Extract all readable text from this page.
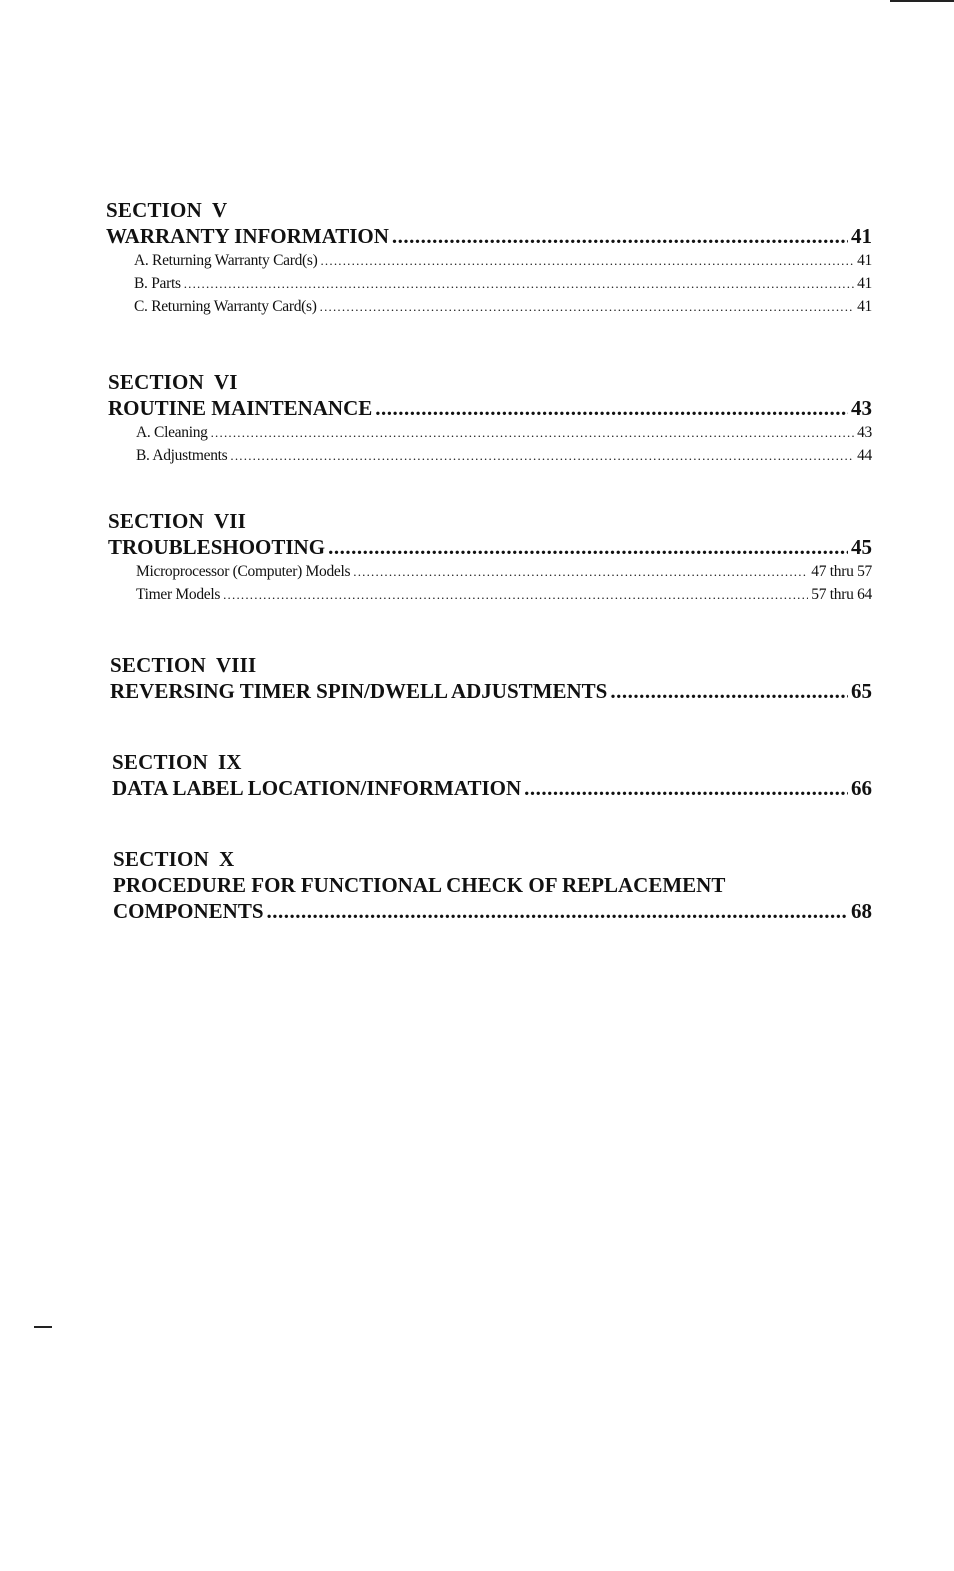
SECTION V
WARRANTY INFORMATION .....	41
A. Returning Warranty Card(s) .....	41
B. Parts .....	41
C. Returning Warranty Card(s) .....	41
SECTION VI
ROUTINE MAINTENANCE .....	43
A. Cleaning .....	43
B. Adjustments .....	44
SECTION VII
TROUBLESHOOTING .....	45
Microprocessor (Computer) Models .....	47 thru 57
Timer Models .....	57 thru 64
SECTION VIII
REVERSING TIMER SPIN/DWELL ADJUSTMENTS .....	65
SECTION IX
DATA LABEL LOCATION/INFORMATION .....	66
SECTION X
PROCEDURE FOR FUNCTIONAL CHECK OF REPLACEMENT
COMPONENTS .....	68
